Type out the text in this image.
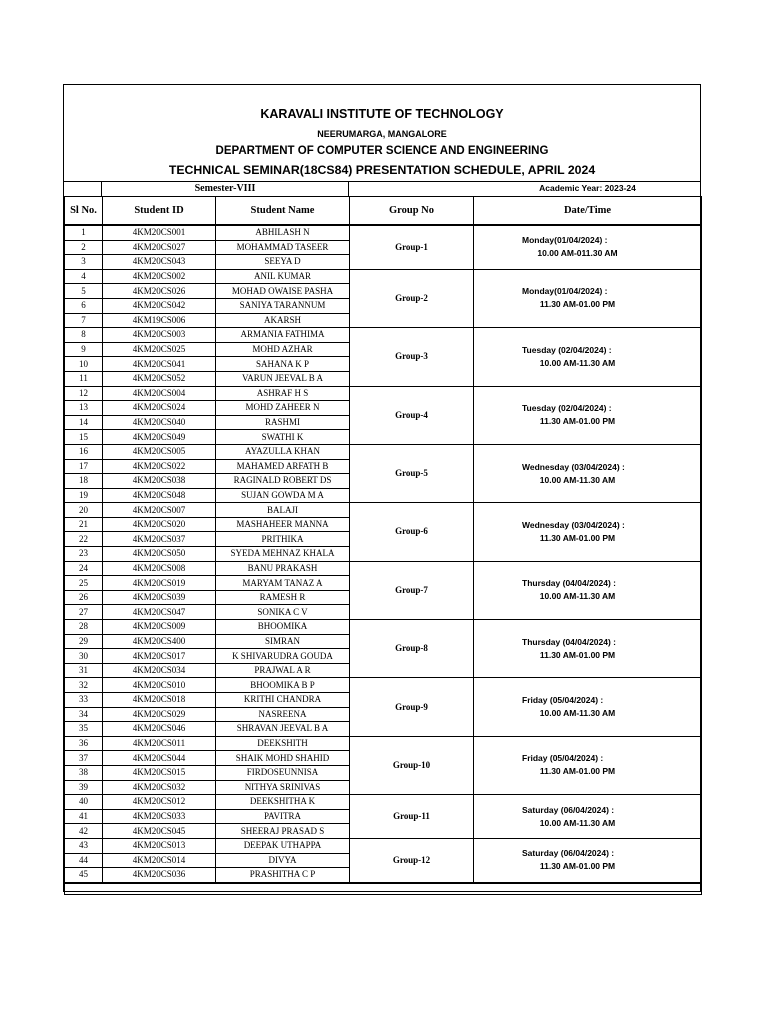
KARAVALI INSTITUTE OF TECHNOLOGY
NEERUMARGA, MANGALORE
DEPARTMENT OF COMPUTER SCIENCE AND ENGINEERING
TECHNICAL SEMINAR(18CS84) PRESENTATION SCHEDULE, APRIL 2024
Semester-VIII	Academic Year: 2023-24
Sl No.	Student ID	Student Name	Group No	Date/Time
1	4KM20CS001	ABHILASH N	Group-1	Monday(01/04/2024) :
10.00 AM-011.30 AM

2	4KM20CS027	MOHAMMAD TASEER		
3	4KM20CS043	SEEYA D		
4	4KM20CS002	ANIL KUMAR	Group-2	Monday(01/04/2024) :
11.30 AM-01.00 PM

5	4KM20CS026	MOHAD OWAISE PASHA		
6	4KM20CS042	SANIYA TARANNUM		
7	4KM19CS006	AKARSH		
8	4KM20CS003	ARMANIA FATHIMA	Group-3	Tuesday (02/04/2024) :
10.00 AM-11.30 AM

9	4KM20CS025	MOHD AZHAR		
10	4KM20CS041	SAHANA K P		
11	4KM20CS052	VARUN JEEVAL B A		
12	4KM20CS004	ASHRAF H S	Group-4	Tuesday (02/04/2024) :
11.30 AM-01.00 PM

13	4KM20CS024	MOHD ZAHEER N		
14	4KM20CS040	RASHMI		
15	4KM20CS049	SWATHI K		
16	4KM20CS005	AYAZULLA KHAN	Group-5	Wednesday (03/04/2024) :
10.00 AM-11.30 AM

17	4KM20CS022	MAHAMED ARFATH B		
18	4KM20CS038	RAGINALD ROBERT DS		
19	4KM20CS048	SUJAN GOWDA M A		
20	4KM20CS007	BALAJI	Group-6	Wednesday (03/04/2024) :
11.30 AM-01.00 PM

21	4KM20CS020	MASHAHEER MANNA		
22	4KM20CS037	PRITHIKA		
23	4KM20CS050	SYEDA MEHNAZ KHALA		
24	4KM20CS008	BANU PRAKASH	Group-7	Thursday (04/04/2024) :
10.00 AM-11.30 AM

25	4KM20CS019	MARYAM TANAZ A		
26	4KM20CS039	RAMESH R		
27	4KM20CS047	SONIKA C V		
28	4KM20CS009	BHOOMIKA	Group-8	Thursday (04/04/2024) :
11.30 AM-01.00 PM

29	4KM20CS400	SIMRAN		
30	4KM20CS017	K SHIVARUDRA GOUDA		
31	4KM20CS034	PRAJWAL A R		
32	4KM20CS010	BHOOMIKA B P	Group-9	Friday (05/04/2024) :
10.00 AM-11.30 AM

33	4KM20CS018	KRITHI CHANDRA		
34	4KM20CS029	NASREENA		
35	4KM20CS046	SHRAVAN JEEVAL B A		
36	4KM20CS011	DEEKSHITH	Group-10	Friday (05/04/2024) :
11.30 AM-01.00 PM

37	4KM20CS044	SHAIK MOHD SHAHID		
38	4KM20CS015	FIRDOSEUNNISA		
39	4KM20CS032	NITHYA SRINIVAS		
40	4KM20CS012	DEEKSHITHA K	Group-11	Saturday (06/04/2024) :
10.00 AM-11.30 AM

41	4KM20CS033	PAVITRA		
42	4KM20CS045	SHEERAJ PRASAD S		
43	4KM20CS013	DEEPAK UTHAPPA	Group-12	Saturday (06/04/2024) :
11.30 AM-01.00 PM

44	4KM20CS014	DIVYA		
45	4KM20CS036	PRASHITHA C P		
